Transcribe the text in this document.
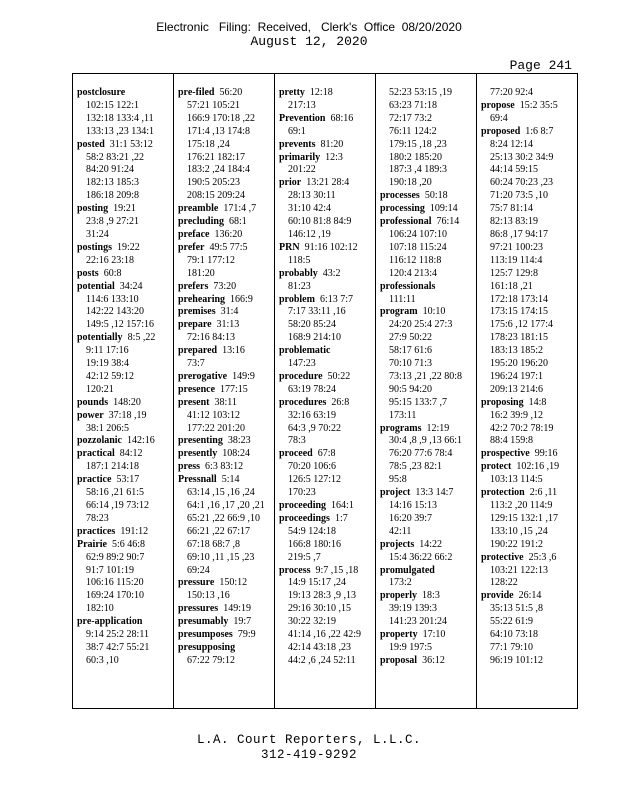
Electronic   Filing:  Received,   Clerk's  Office  08/20/2020
August 12, 2020
Page 241
postclosure
102:15 122:1
132:18 133:4 ,11
133:13 ,23 134:1
posted  31:1 53:12
58:2 83:21 ,22
84:20 91:24
182:13 185:3
186:18 209:8
posting  19:21
23:8 ,9 27:21
31:24
postings  19:22
22:16 23:18
posts  60:8
potential  34:24
114:6 133:10
142:22 143:20
149:5 ,12 157:16
potentially  8:5 ,22
9:11 17:16
19:19 38:4
42:12 59:12
120:21
pounds  148:20
power  37:18 ,19
38:1 206:5
pozzolanic  142:16
practical  84:12
187:1 214:18
practice  53:17
58:16 ,21 61:5
66:14 ,19 73:12
78:23
practices  191:12
Prairie  5:6 46:8
62:9 89:2 90:7
91:7 101:19
106:16 115:20
169:24 170:10
182:10
pre-application
9:14 25:2 28:11
38:7 42:7 55:21
60:3 ,10
pre-filed  56:20
57:21 105:21
166:9 170:18 ,22
171:4 ,13 174:8
175:18 ,24
176:21 182:17
183:2 ,24 184:4
190:5 205:23
208:15 209:24
preamble  171:4 ,7
precluding  68:1
preface  136:20
prefer  49:5 77:5
79:1 177:12
181:20
prefers  73:20
prehearing  166:9
premises  31:4
prepare  31:13
72:16 84:13
prepared  13:16
73:7
prerogative  149:9
presence  177:15
present  38:11
41:12 103:12
177:22 201:20
presenting  38:23
presently  108:24
press  6:3 83:12
Pressnall  5:14
63:14 ,15 ,16 ,24
64:1 ,16 ,17 ,20 ,21
65:21 ,22 66:9 ,10
66:21 ,22 67:17
67:18 68:7 ,8
69:10 ,11 ,15 ,23
69:24
pressure  150:12
150:13 ,16
pressures  149:19
presumably  19:7
presumposes  79:9
presupposing
67:22 79:12
pretty  12:18
217:13
Prevention  68:16
69:1
prevents  81:20
primarily  12:3
201:22
prior  13:21 28:4
28:13 30:11
31:10 42:4
60:10 81:8 84:9
146:12 ,19
PRN  91:16 102:12
118:5
probably  43:2
81:23
problem  6:13 7:7
7:17 33:11 ,16
58:20 85:24
168:9 214:10
problematic
147:23
procedure  50:22
63:19 78:24
procedures  26:8
32:16 63:19
64:3 ,9 70:22
78:3
proceed  67:8
70:20 106:6
126:5 127:12
170:23
proceeding  164:1
proceedings  1:7
54:9 124:18
166:8 180:16
219:5 ,7
process  9:7 ,15 ,18
14:9 15:17 ,24
19:13 28:3 ,9 ,13
29:16 30:10 ,15
30:22 32:19
41:14 ,16 ,22 42:9
42:14 43:18 ,23
44:2 ,6 ,24 52:11
52:23 53:15 ,19
63:23 71:18
72:17 73:2
76:11 124:2
179:15 ,18 ,23
180:2 185:20
187:3 ,4 189:3
190:18 ,20
processes  50:18
processing  109:14
professional  76:14
106:24 107:10
107:18 115:24
116:12 118:8
120:4 213:4
professionals
111:11
program  10:10
24:20 25:4 27:3
27:9 50:22
58:17 61:6
70:10 71:3
73:13 ,21 ,22 80:8
90:5 94:20
95:15 133:7 ,7
173:11
programs  12:19
30:4 ,8 ,9 ,13 66:1
76:20 77:6 78:4
78:5 ,23 82:1
95:8
project  13:3 14:7
14:16 15:13
16:20 39:7
42:11
projects  14:22
15:4 36:22 66:2
promulgated
173:2
properly  18:3
39:19 139:3
141:23 201:24
property  17:10
19:9 197:5
proposal  36:12
77:20 92:4
propose  15:2 35:5
69:4
proposed  1:6 8:7
8:24 12:14
25:13 30:2 34:9
44:14 59:15
60:24 70:23 ,23
71:20 73:5 ,10
75:7 81:14
82:13 83:19
86:8 ,17 94:17
97:21 100:23
113:19 114:4
125:7 129:8
161:18 ,21
172:18 173:14
173:15 174:15
175:6 ,12 177:4
178:23 181:15
183:13 185:2
195:20 196:20
196:24 197:1
209:13 214:6
proposing  14:8
16:2 39:9 ,12
42:2 70:2 78:19
88:4 159:8
prospective  99:16
protect  102:16 ,19
103:13 114:5
protection  2:6 ,11
113:2 ,20 114:9
129:15 132:1 ,17
133:10 ,15 ,24
190:22 191:2
protective  25:3 ,6
103:21 122:13
128:22
provide  26:14
35:13 51:5 ,8
55:22 61:9
64:10 73:18
77:1 79:10
96:19 101:12
L.A. Court Reporters, L.L.C.
312-419-9292
